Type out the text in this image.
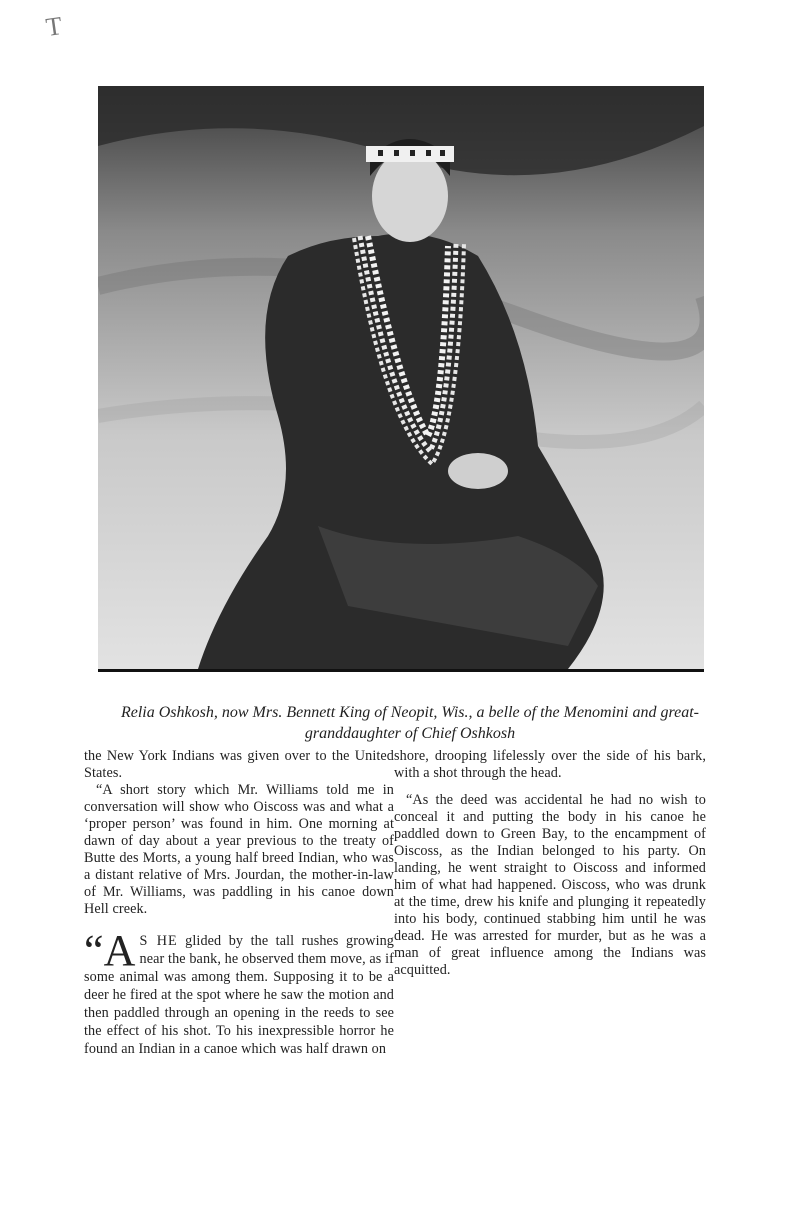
T
Relia Oshkosh, now Mrs. Bennett King of Neopit, Wis., a belle of the Menomini and great-granddaughter of Chief Oshkosh

the New York Indians was given over to the United States.

“A short story which Mr. Williams told me in conversation will show who Oiscoss was and what a ‘proper person’ was found in him. One morning at dawn of day about a year previous to the treaty of Butte des Morts, a young half breed Indian, who was a distant relative of Mrs. Jourdan, the mother-in-law of Mr. Williams, was paddling in his canoe down Hell creek.

“A S HE glided by the tall rushes growing near the bank, he observed them move, as if some animal was among them. Supposing it to be a deer he fired at the spot where he saw the motion and then paddled through an opening in the reeds to see the effect of his shot. To his inexpressible horror he found an Indian in a canoe which was half drawn on

shore, drooping lifelessly over the side of his bark, with a shot through the head.

“As the deed was accidental he had no wish to conceal it and putting the body in his canoe he paddled down to Green Bay, to the encampment of Oiscoss, as the Indian belonged to his party. On landing, he went straight to Oiscoss and informed him of what had happened. Oiscoss, who was drunk at the time, drew his knife and plunging it repeatedly into his body, continued stabbing him until he was dead. He was arrested for murder, but as he was a man of great influence among the Indians was acquitted.
